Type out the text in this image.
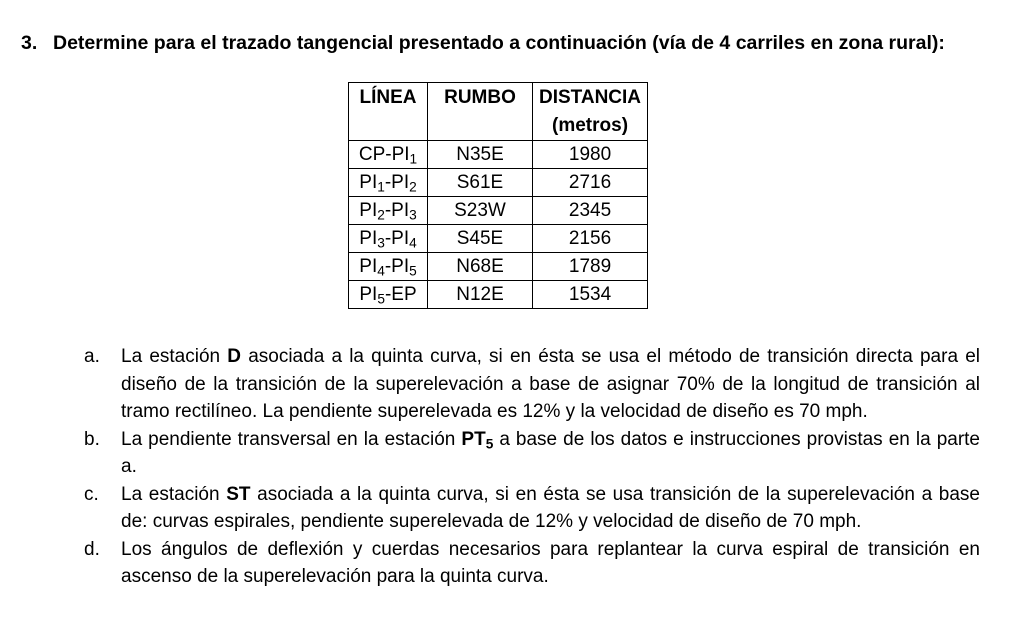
3. Determine para el trazado tangencial presentado a continuación (vía de 4 carriles en zona rural):
LÍNEA	RUMBO	DISTANCIA
(metros)
$CP-PI_1$	N35E	1980
$PI_1-PI_2$	S61E	2716
$PI_2-PI_3$	S23W	2345
$PI_3-PI_4$	S45E	2156
$PI_4-PI_5$	N68E	1789
$PI_5-EP$	N12E	1534
a. La estación D asociada a la quinta curva, si en ésta se usa el método de transición directa para el diseño de la transición de la superelevación a base de asignar 70% de la longitud de transición al tramo rectilíneo. La pendiente superelevada es 12% y la velocidad de diseño es 70 mph.
b. La pendiente transversal en la estación $PT_5$ a base de los datos e instrucciones provistas en la parte a.
c. La estación ST asociada a la quinta curva, si en ésta se usa transición de la superelevación a base de: curvas espirales, pendiente superelevada de 12% y velocidad de diseño de 70 mph.
d. Los ángulos de deflexión y cuerdas necesarios para replantear la curva espiral de transición en ascenso de la superelevación para la quinta curva.
